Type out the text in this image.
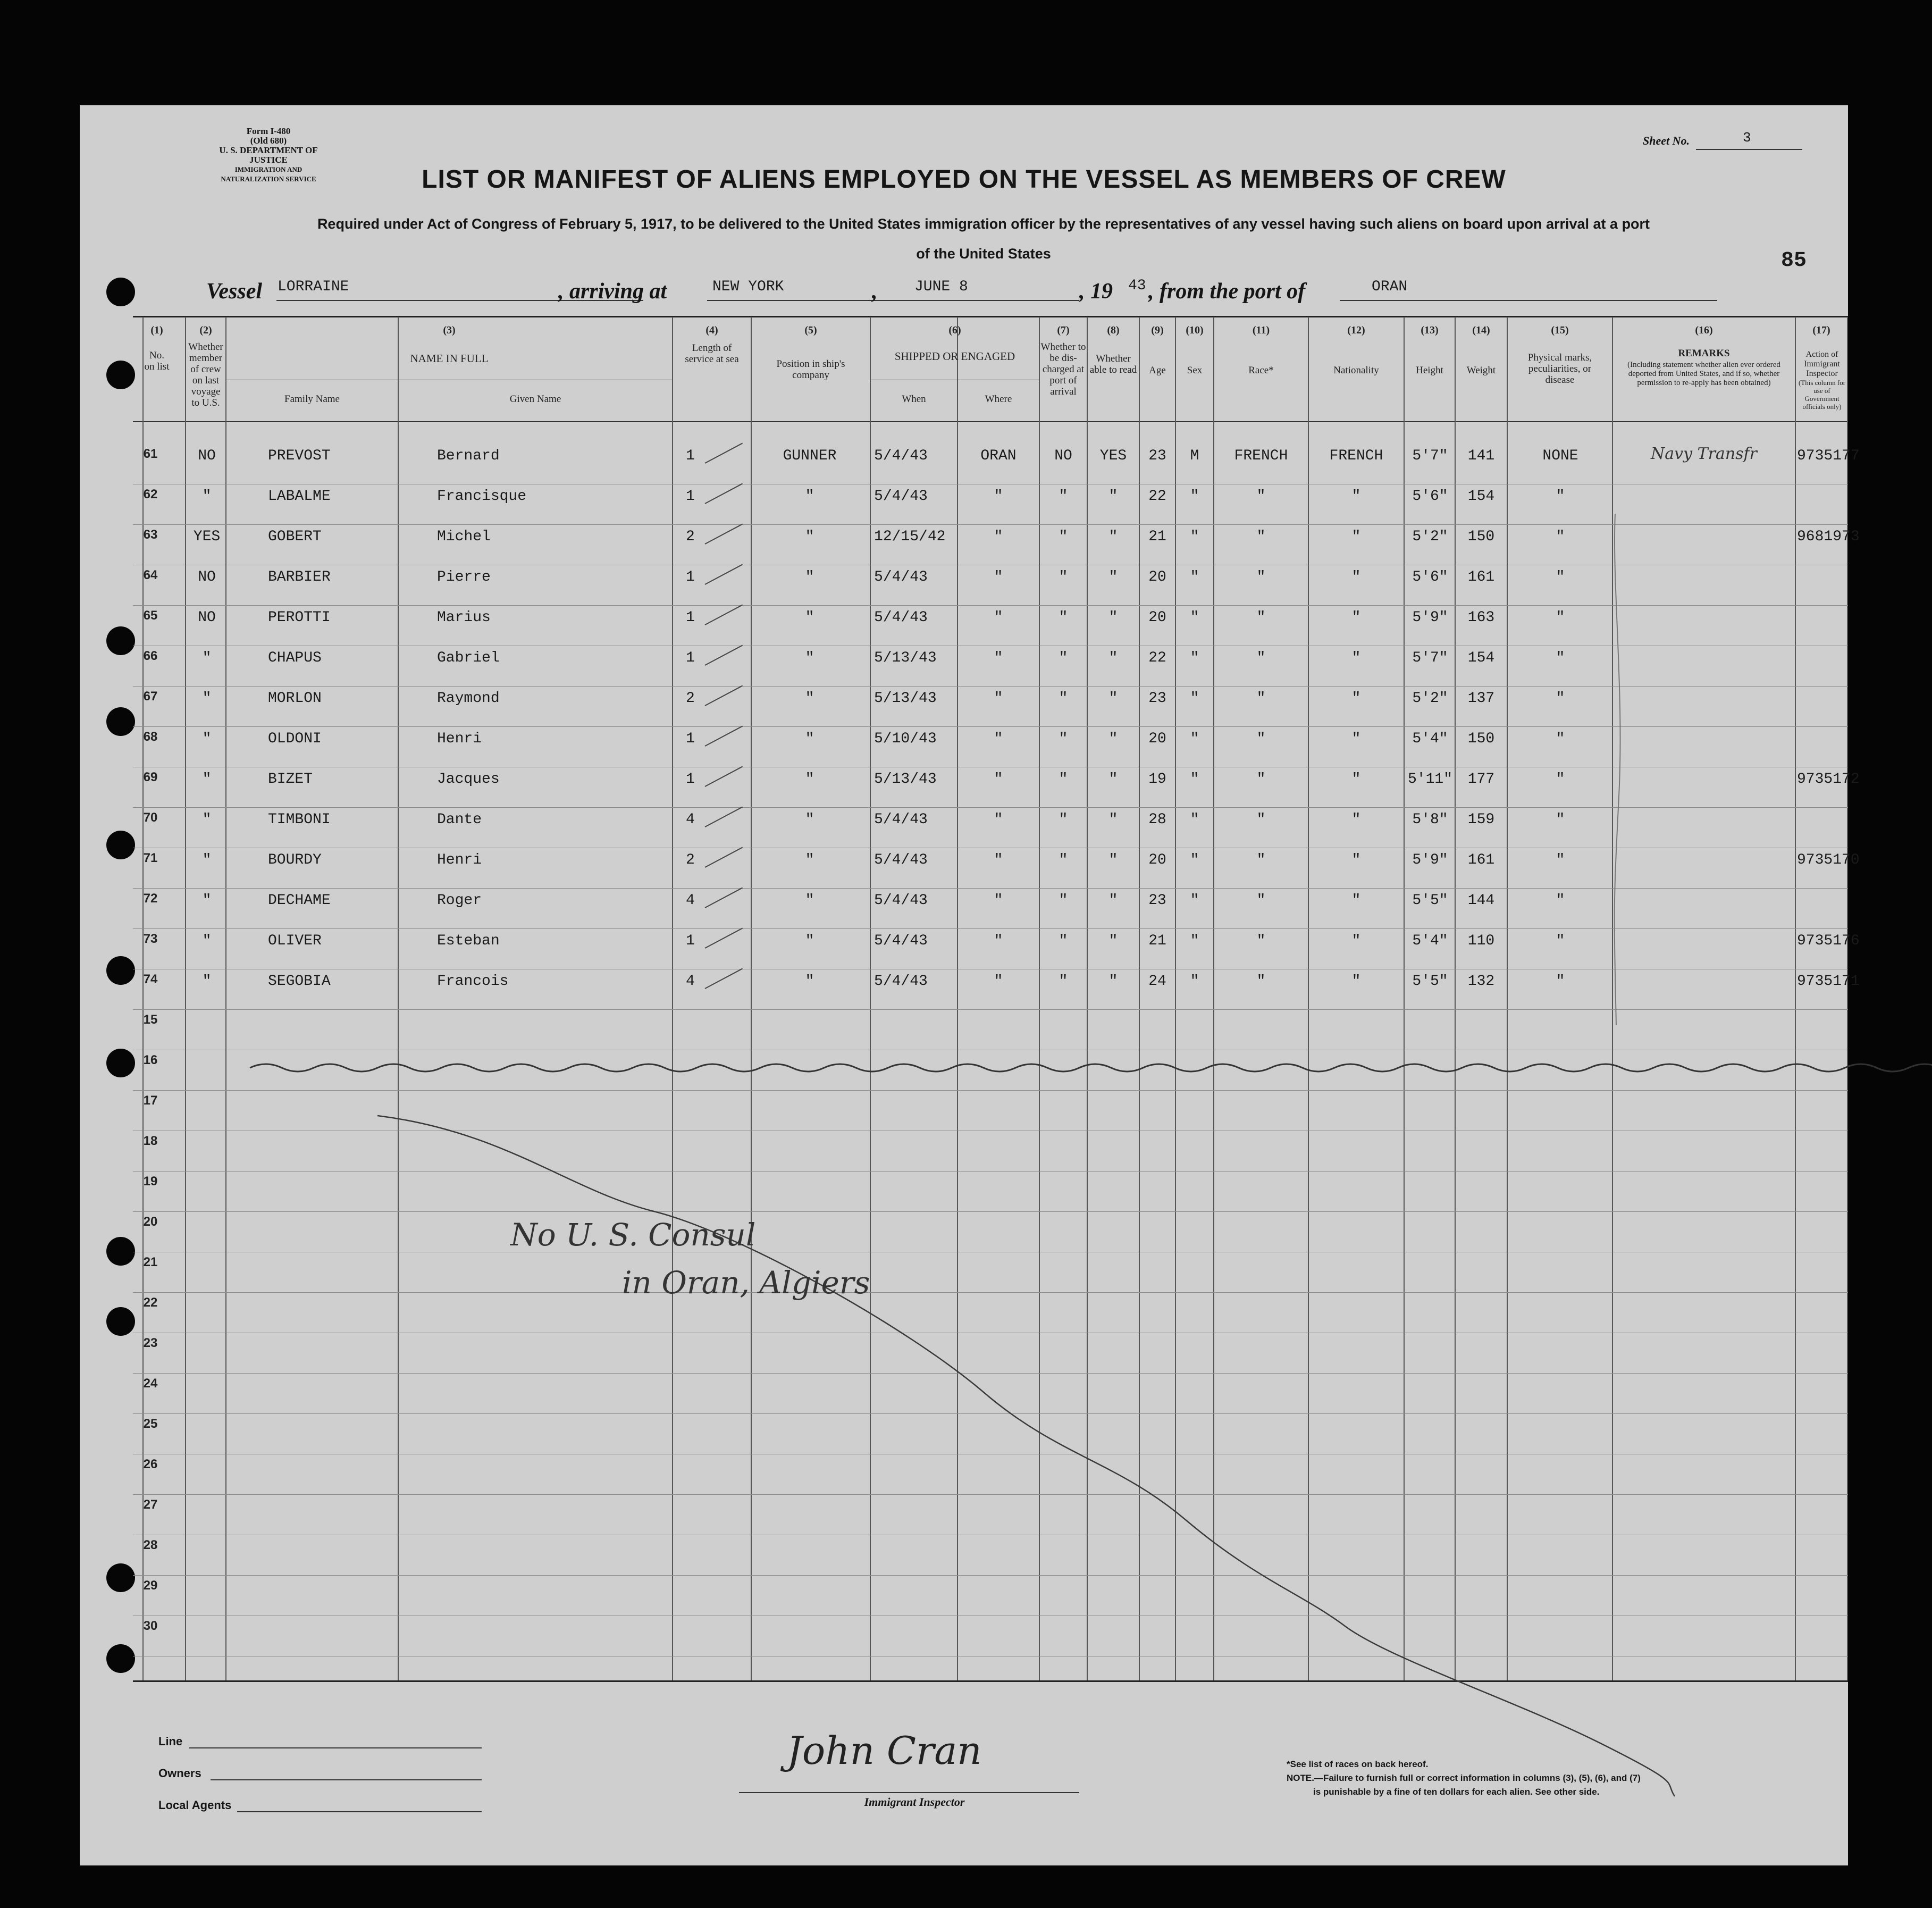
Form I-480
(Old 680)
U. S. DEPARTMENT OF JUSTICE
IMMIGRATION AND NATURALIZATION SERVICE
Sheet No.	3
LIST OR MANIFEST OF ALIENS EMPLOYED ON THE VESSEL AS MEMBERS OF CREW
Required under Act of Congress of February 5, 1917, to be delivered to the United States immigration officer by the representatives of any vessel having such aliens on board upon arrival at a port
of the United States	85
Vessel LORRAINE	, arriving at	NEW YORK	, JUNE 8	, 19 43 , from the port of	ORAN
(1)
No. on list
(2)
Whether member of crew on last voyage to U.S.
(3)
NAME IN FULL
Family Name	Given Name
(4)
Length of service at sea
(5)
Position in ship's company
(6)
SHIPPED OR ENGAGED
When	Where
(7)
Whether to be dis-charged at port of arrival
(8)
Whether able to read
(9)
Age
(10)
Sex
(11)
Race*
(12)
Nationality
(13)
Height
(14)
Weight
(15)
Physical marks, peculiarities, or disease
(16)
REMARKS
(Including statement whether alien ever ordered deported from United States, and if so, whether permission to re-apply has been obtained)
(17)
Action of Immigrant Inspector
(This column for use of Government officials only)
61	NO	PREVOST	Bernard	1	GUNNER	5/4/43	ORAN	NO	YES	23	M	FRENCH	FRENCH	5'7"	141	NONE	Navy Transfr	9735177
62	"	LABALME	Francisque	1	"	5/4/43	"	"	"	22	"	"	"	5'6"	154	"
63	YES	GOBERT	Michel	2	"	12/15/42	"	"	"	21	"	"	"	5'2"	150	"	9681973
64	NO	BARBIER	Pierre	1	"	5/4/43	"	"	"	20	"	"	"	5'6"	161	"
65	NO	PEROTTI	Marius	1	"	5/4/43	"	"	"	20	"	"	"	5'9"	163	"
66	"	CHAPUS	Gabriel	1	"	5/13/43	"	"	"	22	"	"	"	5'7"	154	"
67	"	MORLON	Raymond	2	"	5/13/43	"	"	"	23	"	"	"	5'2"	137	"
68	"	OLDONI	Henri	1	"	5/10/43	"	"	"	20	"	"	"	5'4"	150	"
69	"	BIZET	Jacques	1	"	5/13/43	"	"	"	19	"	"	"	5'11"	177	"	9735172
70	"	TIMBONI	Dante	4	"	5/4/43	"	"	"	28	"	"	"	5'8"	159	"
71	"	BOURDY	Henri	2	"	5/4/43	"	"	"	20	"	"	"	5'9"	161	"	9735170
72	"	DECHAME	Roger	4	"	5/4/43	"	"	"	23	"	"	"	5'5"	144	"
73	"	OLIVER	Esteban	1	"	5/4/43	"	"	"	21	"	"	"	5'4"	110	"	9735176
74	"	SEGOBIA	Francois	4	"	5/4/43	"	"	"	24	"	"	"	5'5"	132	"	9735171
15
16
17
18
19
20
21
22
23
24
25
26
27
28
29
30
No U. S. Consul
in Oran, Algiers
Line
Owners
Local Agents
John Cran
Immigrant Inspector
*See list of races on back hereof.
NOTE.—Failure to furnish full or correct information in columns (3), (5), (6), and (7)
is punishable by a fine of ten dollars for each alien. See other side.
